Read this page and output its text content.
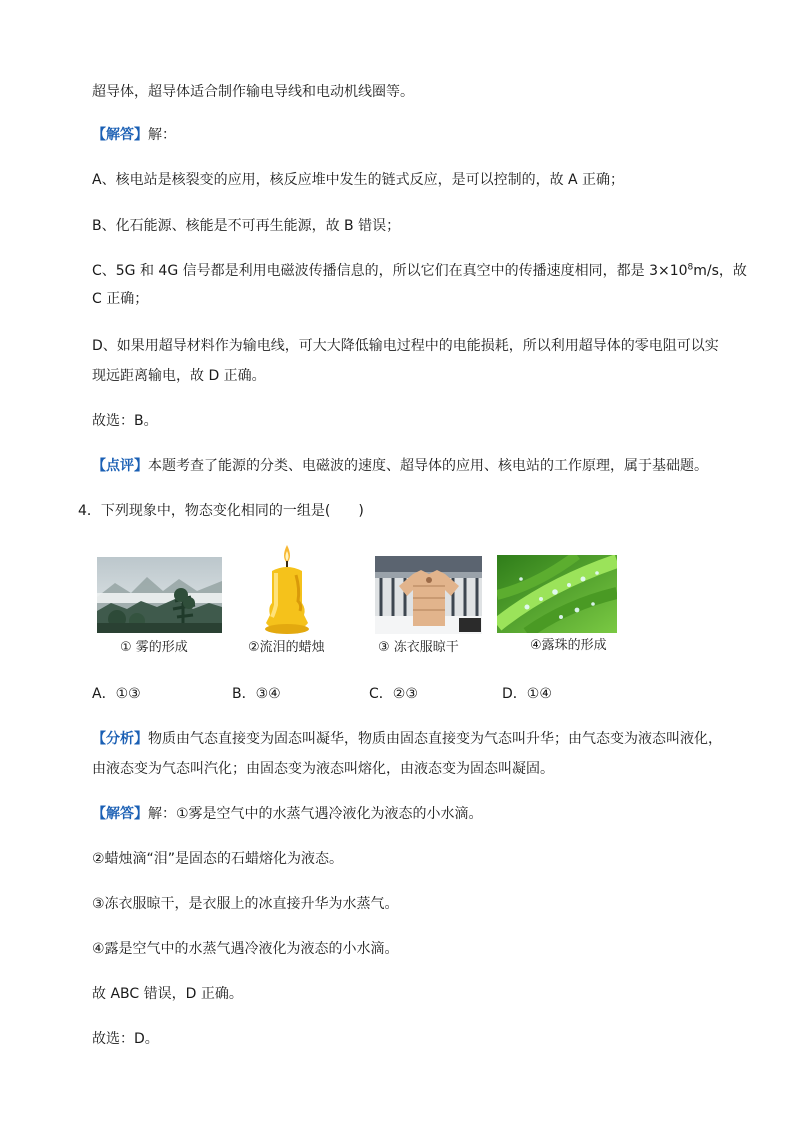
超导体，超导体适合制作输电导线和电动机线圈等。
【解答】解：
A、核电站是核裂变的应用，核反应堆中发生的链式反应，是可以控制的，故 A 正确；
B、化石能源、核能是不可再生能源，故 B 错误；
C、5G 和 4G 信号都是利用电磁波传播信息的，所以它们在真空中的传播速度相同，都是 $3\times 10^8m/s$，故
C 正确；
D、如果用超导材料作为输电线，可大大降低输电过程中的电能损耗，所以利用超导体的零电阻可以实
现远距离输电，故 D 正确。
故选：B。
【点评】本题考查了能源的分类、电磁波的速度、超导体的应用、核电站的工作原理，属于基础题。
4．下列现象中，物态变化相同的一组是(　　)
① 雾的形成	②流泪的蜡烛	③ 冻衣服晾干	④露珠的形成
A．①③	B．③④	C．②③	D．①④
【分析】物质由气态直接变为固态叫凝华，物质由固态直接变为气态叫升华；由气态变为液态叫液化，
由液态变为气态叫汽化；由固态变为液态叫熔化，由液态变为固态叫凝固。
【解答】解：①雾是空气中的水蒸气遇冷液化为液态的小水滴。
②蜡烛滴“泪”是固态的石蜡熔化为液态。
③冻衣服晾干，是衣服上的冰直接升华为水蒸气。
④露是空气中的水蒸气遇冷液化为液态的小水滴。
故 ABC 错误，D 正确。
故选：D。
